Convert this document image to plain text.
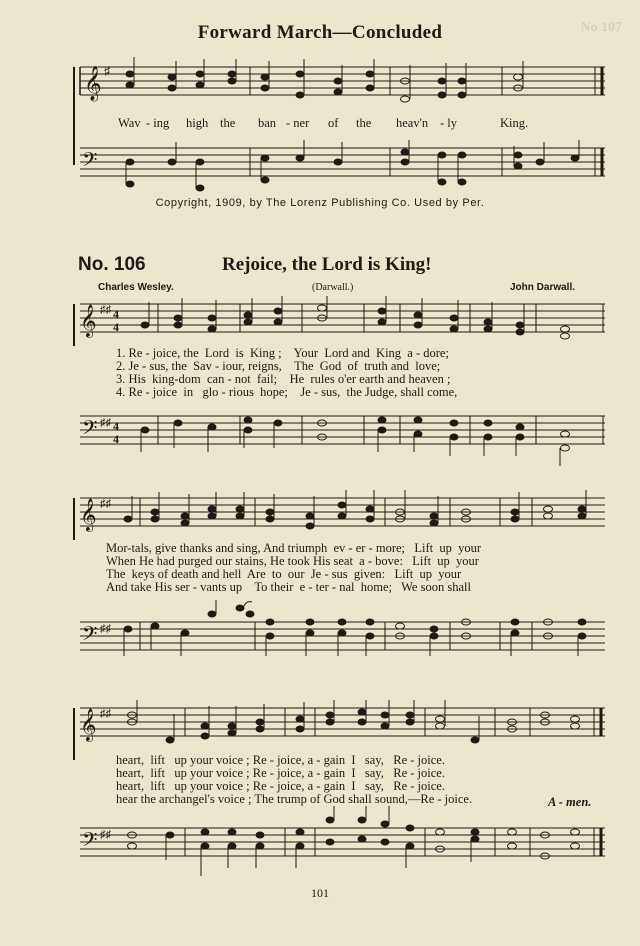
No 107
Forward March—Concluded
𝄞 ♯

Wav

- ing

high

the

ban

- ner

of

the

heav'n

- ly

	King.

𝄢
Copyright, 1909, by The Lorenz Publishing Co. Used by Per.
No. 106	Rejoice, the Lord is King!
Charles Wesley.	(Darwall.)	John Darwall.
𝄞 ♯♯ 4
4
1. Re - joice, the  Lord  is  King ;    Your  Lord and  King  a - dore;
2. Je - sus, the  Sav - iour, reigns,    The  God  of  truth and  love;
3. His  king-dom  can - not  fail;    He  rules o'er earth and heaven ;
4. Re - joice  in   glo - rious  hope;    Je - sus,  the Judge, shall come,
𝄢 ♯♯ 4
4
𝄞 ♯♯
Mor-tals, give thanks and sing, And triumph  ev - er - more;   Lift  up  your
When He had purged our stains, He took His seat  a - bove:   Lift  up  your
The  keys of death and hell  Are  to  our  Je - sus  given:   Lift  up  your
And take His ser - vants up    To their  e - ter - nal  home;   We soon shall
𝄢 ♯♯
𝄞 ♯♯
heart,  lift   up your voice ; Re - joice, a - gain  I   say,   Re - joice.
heart,  lift   up your voice ; Re - joice, a - gain  I   say,   Re - joice.
heart,  lift   up your voice ; Re - joice, a - gain  I   say,   Re - joice.
hear the archangel's voice ; The trump of God shall sound,—Re - joice.	A - men.
𝄢 ♯♯
101
